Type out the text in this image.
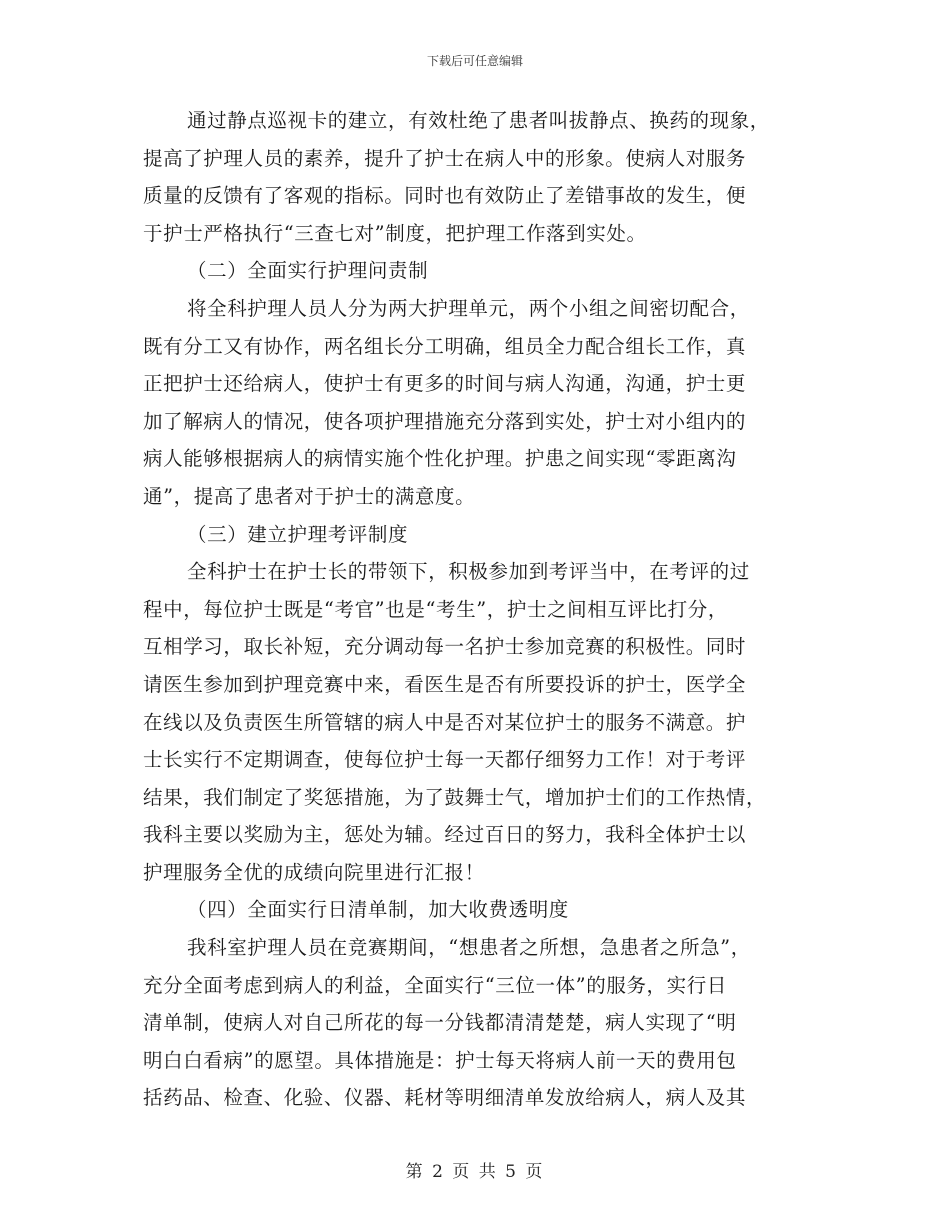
下载后可任意编辑
通过静点巡视卡的建立，有效杜绝了患者叫拔静点、换药的现象，
提高了护理人员的素养，提升了护士在病人中的形象。使病人对服务
质量的反馈有了客观的指标。同时也有效防止了差错事故的发生，便
于护士严格执行“三查七对”制度，把护理工作落到实处。
（二）全面实行护理问责制
将全科护理人员人分为两大护理单元，两个小组之间密切配合，
既有分工又有协作，两名组长分工明确，组员全力配合组长工作，真
正把护士还给病人，使护士有更多的时间与病人沟通，沟通，护士更
加了解病人的情况，使各项护理措施充分落到实处，护士对小组内的
病人能够根据病人的病情实施个性化护理。护患之间实现“零距离沟
通”，提高了患者对于护士的满意度。
（三）建立护理考评制度
全科护士在护士长的带领下，积极参加到考评当中，在考评的过
程中，每位护士既是“考官”也是“考生”，护士之间相互评比打分，
互相学习，取长补短，充分调动每一名护士参加竞赛的积极性。同时
请医生参加到护理竞赛中来，看医生是否有所要投诉的护士，医学全
在线以及负责医生所管辖的病人中是否对某位护士的服务不满意。护
士长实行不定期调查，使每位护士每一天都仔细努力工作！对于考评
结果，我们制定了奖惩措施，为了鼓舞士气，增加护士们的工作热情，
我科主要以奖励为主，惩处为辅。经过百日的努力，我科全体护士以
护理服务全优的成绩向院里进行汇报！
（四）全面实行日清单制，加大收费透明度
我科室护理人员在竞赛期间，“想患者之所想，急患者之所急”，
充分全面考虑到病人的利益，全面实行“三位一体”的服务，实行日
清单制，使病人对自己所花的每一分钱都清清楚楚，病人实现了“明
明白白看病”的愿望。具体措施是：护士每天将病人前一天的费用包
括药品、检查、化验、仪器、耗材等明细清单发放给病人，病人及其
第 2 页 共 5 页
